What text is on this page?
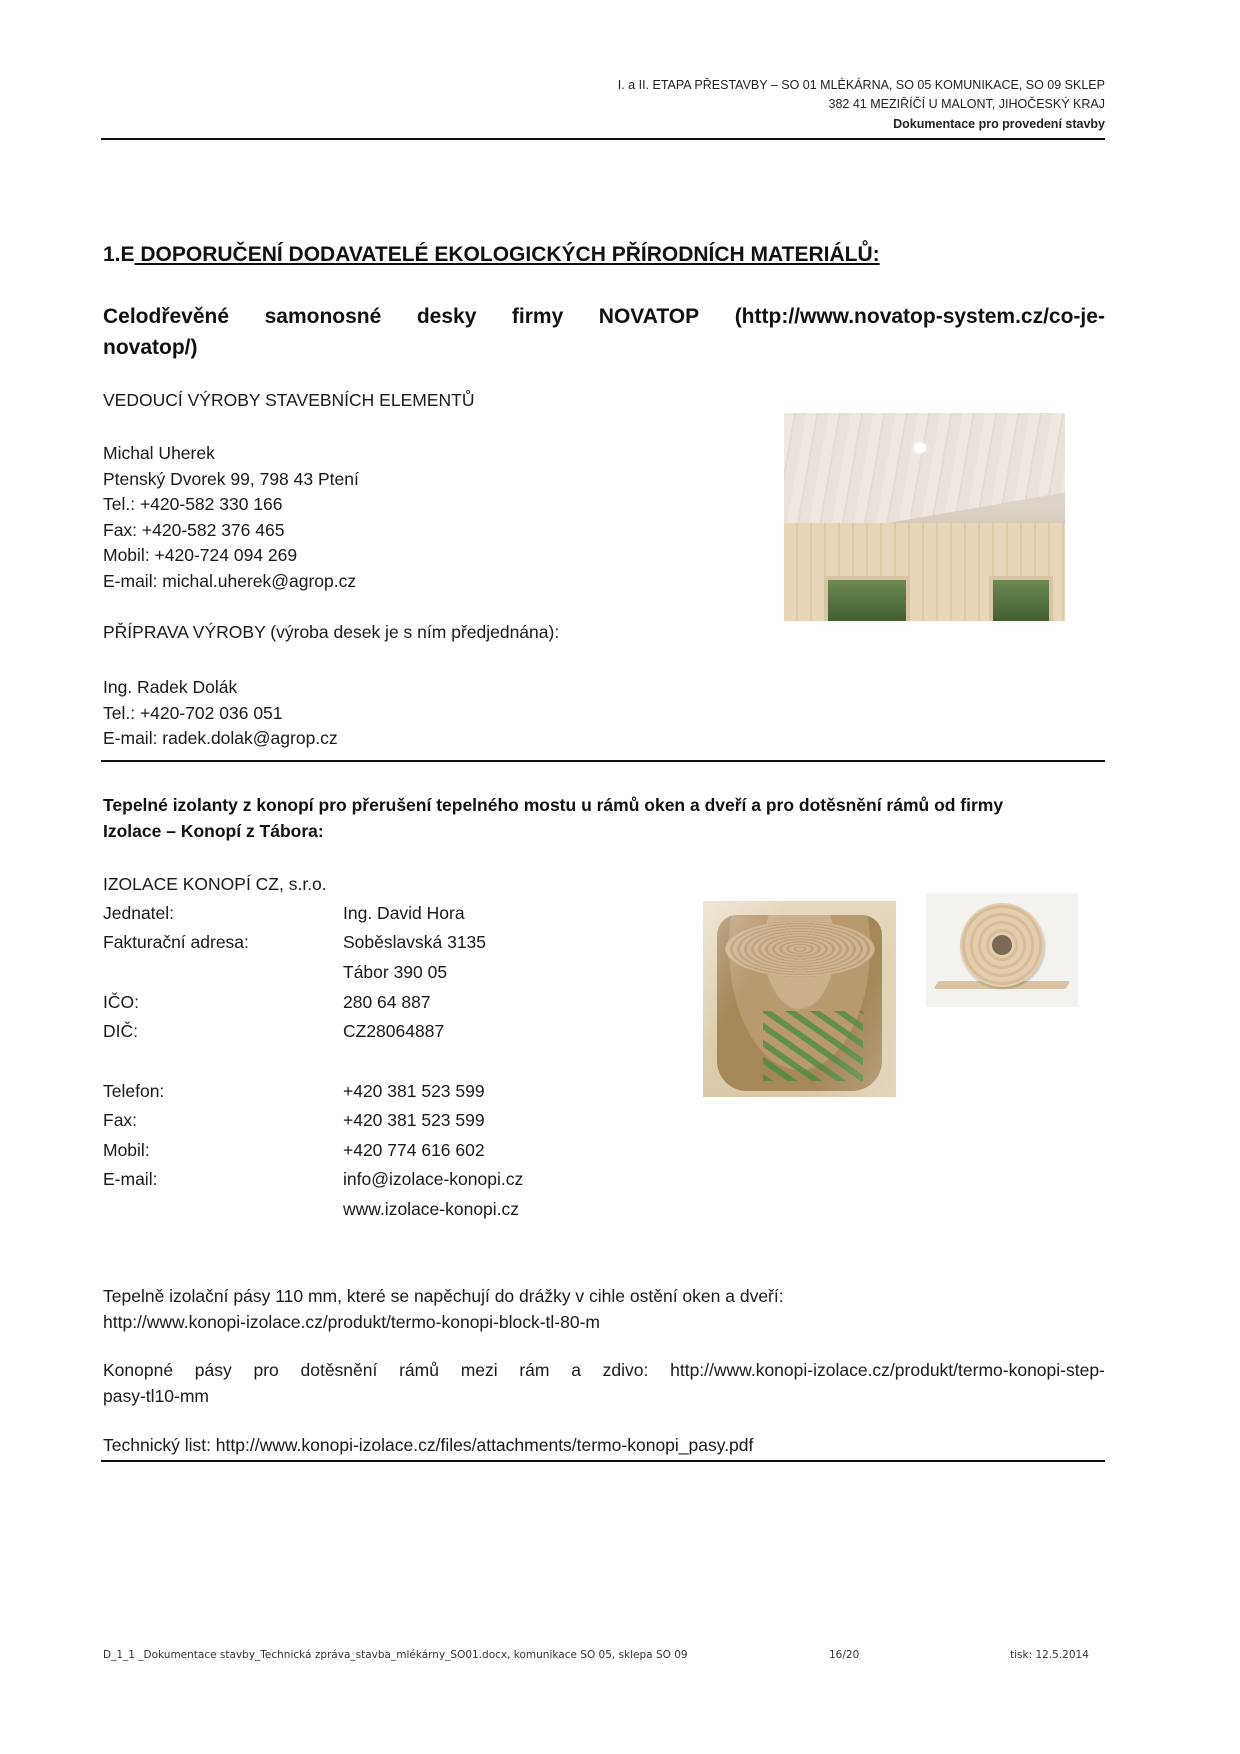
I. a II. ETAPA PŘESTAVBY – SO 01 MLÉKÁRNA, SO 05 KOMUNIKACE, SO 09 SKLEP
382 41 MEZIŘÍČÍ U MALONT, JIHOČESKÝ KRAJ
Dokumentace pro provedení stavby
1.E DOPORUČENÍ DODAVATELÉ EKOLOGICKÝCH PŘÍRODNÍCH MATERIÁLŮ:
Celodřevěné samonosné desky firmy NOVATOP (http://www.novatop-system.cz/co-je-
novatop/)
VEDOUCÍ VÝROBY STAVEBNÍCH ELEMENTŮ
Michal Uherek
Ptenský Dvorek 99, 798 43 Ptení
Tel.: +420-582 330 166
Fax: +420-582 376 465
Mobil: +420-724 094 269
E-mail: michal.uherek@agrop.cz
PŘÍPRAVA VÝROBY (výroba desek je s ním předjednána):
Ing. Radek Dolák
Tel.: +420-702 036 051
E-mail: radek.dolak@agrop.cz
Tepelné izolanty z konopí pro přerušení tepelného mostu u rámů oken a dveří a pro dotěsnění rámů od firmy
Izolace – Konopí z Tábora:
IZOLACE KONOPÍ CZ, s.r.o.
Jednatel:	Ing. David Hora
Fakturační adresa:	Soběslavská 3135
Tábor 390 05
IČO:	280 64 887
DIČ:	CZ28064887
Telefon:	+420 381 523 599
Fax:	+420 381 523 599
Mobil:	+420 774 616 602
E-mail:	info@izolace-konopi.cz
www.izolace-konopi.cz
Tepelně izolační pásy 110 mm, které se napěchují do drážky v cihle ostění oken a dveří:
http://www.konopi-izolace.cz/produkt/termo-konopi-block-tl-80-m
Konopné pásy pro dotěsnění rámů mezi rám a zdivo: http://www.konopi-izolace.cz/produkt/termo-konopi-step-
pasy-tl10-mm
Technický list: http://www.konopi-izolace.cz/files/attachments/termo-konopi_pasy.pdf
D_1_1 _Dokumentace stavby_Technická zpráva_stavba_mlékárny_SO01.docx, komunikace SO 05, sklepa SO 09	16/20	tisk: 12.5.2014
